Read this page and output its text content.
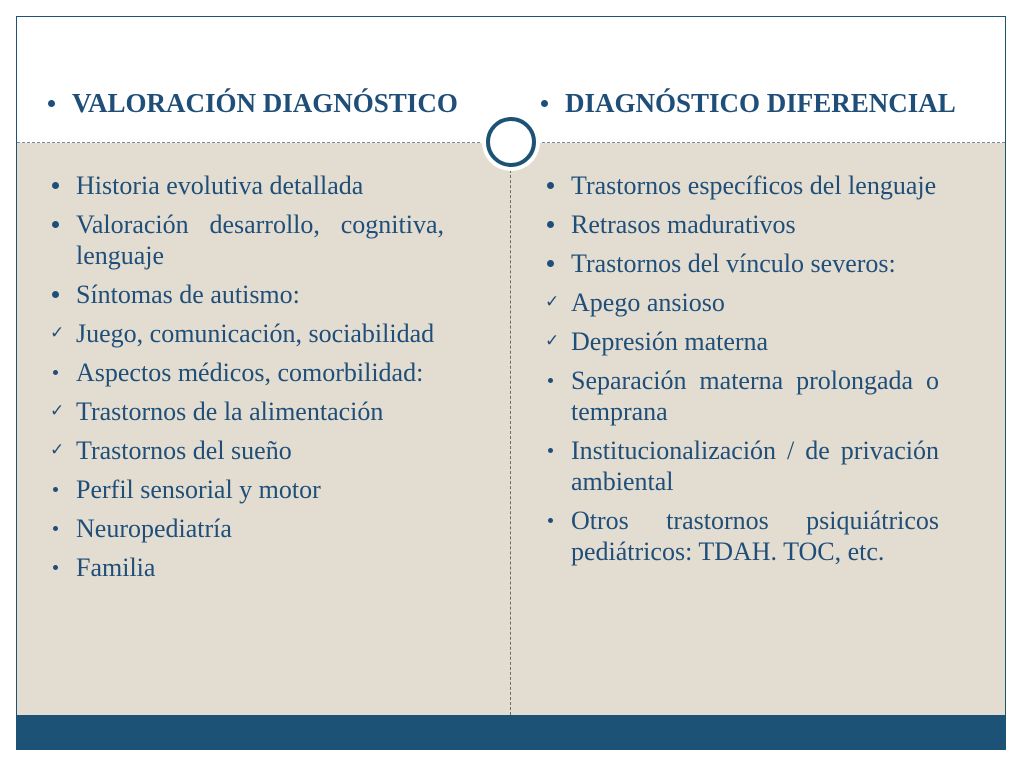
VALORACIÓN DIAGNÓSTICO	DIAGNÓSTICO DIFERENCIAL
Historia evolutiva detallada
Valoración desarrollo, cognitiva, lenguaje
Síntomas de autismo:
✓ Juego, comunicación, sociabilidad
Aspectos médicos, comorbilidad:
✓ Trastornos de la alimentación
✓ Trastornos del sueño
Perfil sensorial y motor
Neuropediatría
Familia
Trastornos específicos del lenguaje
Retrasos madurativos
Trastornos del vínculo severos:
✓ Apego ansioso
✓ Depresión materna
Separación materna prolongada o temprana
Institucionalización / de privación ambiental
Otros trastornos psiquiátricos pediátricos: TDAH. TOC, etc.
